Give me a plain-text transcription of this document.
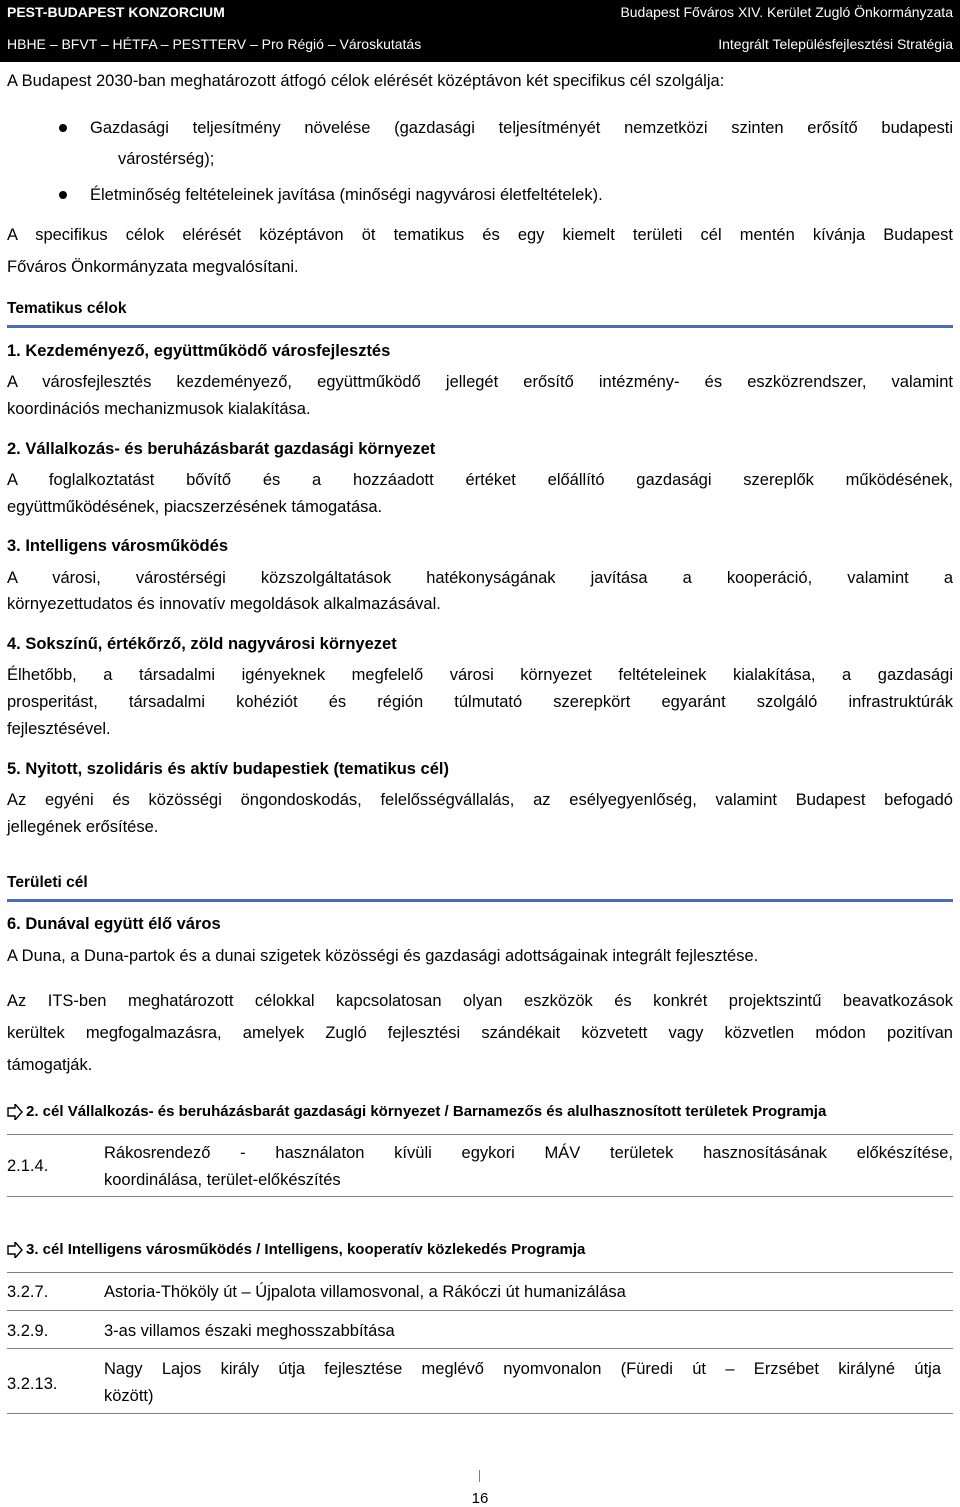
PEST-BUDAPEST KONZORCIUM
HBHE – BFVT – HÉTFA – PESTTERV – Pro Régió – Városkutatás
Budapest Főváros XIV. Kerület Zugló Önkormányzata
Integrált Településfejlesztési Stratégia
A Budapest 2030-ban meghatározott átfogó célok elérését középtávon két specifikus cél szolgálja:
Gazdasági teljesítmény növelése (gazdasági teljesítményét nemzetközi szinten erősítő budapesti
várostérség);
Életminőség feltételeinek javítása (minőségi nagyvárosi életfeltételek).
A specifikus célok elérését középtávon öt tematikus és egy kiemelt területi cél mentén kívánja Budapest
Főváros Önkormányzata megvalósítani.
Tematikus célok
1. Kezdeményező, együttműködő városfejlesztés
A városfejlesztés kezdeményező, együttműködő jellegét erősítő intézmény- és eszközrendszer, valamint
koordinációs mechanizmusok kialakítása.
2. Vállalkozás- és beruházásbarát gazdasági környezet
A foglalkoztatást bővítő és a hozzáadott értéket előállító gazdasági szereplők működésének,
együttműködésének, piacszerzésének támogatása.
3. Intelligens városműködés
A városi, várostérségi közszolgáltatások hatékonyságának javítása a kooperáció, valamint a
környezettudatos és innovatív megoldások alkalmazásával.
4. Sokszínű, értékőrző, zöld nagyvárosi környezet
Élhetőbb, a társadalmi igényeknek megfelelő városi környezet feltételeinek kialakítása, a gazdasági
prosperitást, társadalmi kohéziót és régión túlmutató szerepkört egyaránt szolgáló infrastruktúrák
fejlesztésével.
5. Nyitott, szolidáris és aktív budapestiek (tematikus cél)
Az egyéni és közösségi öngondoskodás, felelősségvállalás, az esélyegyenlőség, valamint Budapest befogadó
jellegének erősítése.
Területi cél
6. Dunával együtt élő város
A Duna, a Duna-partok és a dunai szigetek közösségi és gazdasági adottságainak integrált fejlesztése.
Az ITS-ben meghatározott célokkal kapcsolatosan olyan eszközök és konkrét projektszintű beavatkozások
kerültek megfogalmazásra, amelyek Zugló fejlesztési szándékait közvetett vagy közvetlen módon pozitívan
támogatják.
2. cél Vállalkozás- és beruházásbarát gazdasági környezet / Barnamezős és alulhasznosított területek Programja
2.1.4.
Rákosrendező - használaton kívüli egykori MÁV területek hasznosításának előkészítése,
koordinálása, terület-előkészítés
3. cél Intelligens városműködés / Intelligens, kooperatív közlekedés Programja
3.2.7.	Astoria-Thököly út – Újpalota villamosvonal, a Rákóczi út humanizálása
3.2.9.	3-as villamos északi meghosszabbítása
3.2.13.
Nagy Lajos király útja fejlesztése meglévő nyomvonalon (Füredi út – Erzsébet királyné útja
között)
16
